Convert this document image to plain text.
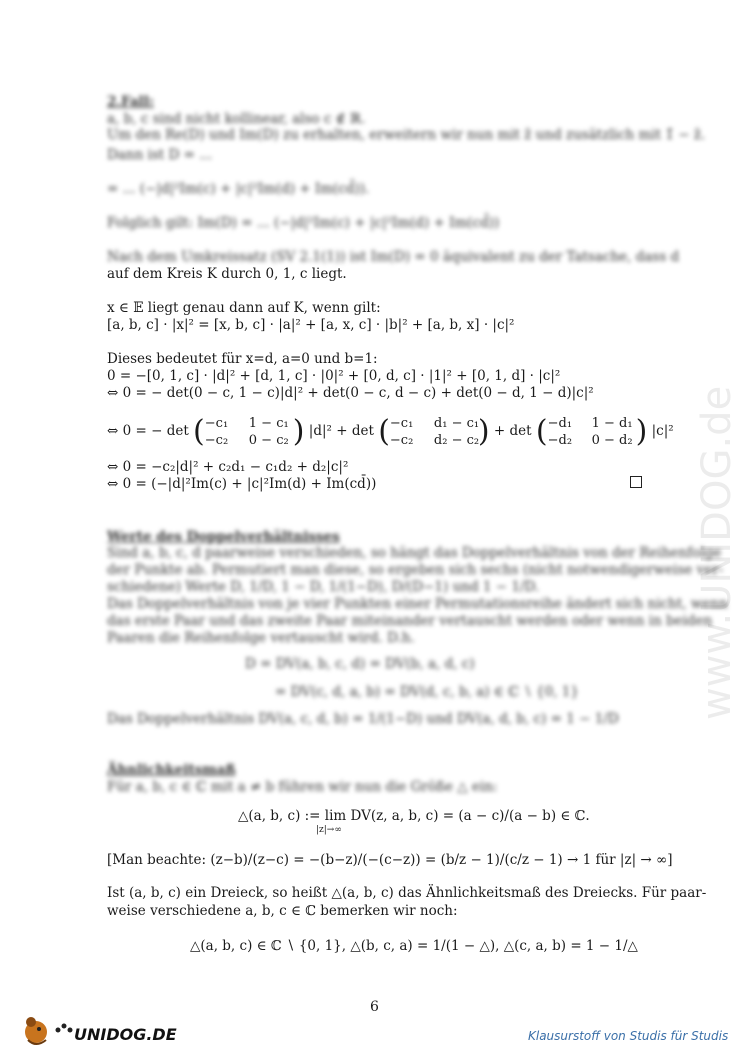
www.UNIDOG.de
2.Fall:
a, b, c sind nicht kollinear, also c ∉ ℝ.
Um den Re(D) und Im(D) zu erhalten, erweitern wir nun mit z̄ und zusätzlich mit 1̄ − z̄.
Dann ist D = ...
= ... (−|d|²Im(c) + |c|²Im(d) + Im(cd̄)).
Folglich gilt: Im(D) = ... (−|d|²Im(c) + |c|²Im(d) + Im(cd̄))
Nach dem Umkreissatz (SV 2.1(1)) ist Im(D) = 0 äquivalent zu der Tatsache, dass d
auf dem Kreis K durch 0, 1, c liegt.
x ∈ 𝔼 liegt genau dann auf K, wenn gilt:
[a, b, c] · |x|² = [x, b, c] · |a|² + [a, x, c] · |b|² + [a, b, x] · |c|²
Dieses bedeutet für x=d, a=0 und b=1:
0 = −[0, 1, c] · |d|² + [d, 1, c] · |0|² + [0, d, c] · |1|² + [0, 1, d] · |c|²
⇔ 0 = − det(0 − c, 1 − c)|d|² + det(0 − c, d − c) + det(0 − d, 1 − d)|c|²
⇔ 0 = − det (−c₁ 1 − c₁
−c₂ 0 − c₂ ) |d|² + det (−c₁ d₁ − c₁
−c₂ d₂ − c₂) + det (−d₁ 1 − d₁
−d₂ 0 − d₂ ) |c|²
⇔ 0 = −c₂|d|² + c₂d₁ − c₁d₂ + d₂|c|²
⇔ 0 = (−|d|²Im(c) + |c|²Im(d) + Im(cd̄))
Werte des Doppelverhältnisses
Sind a, b, c, d paarweise verschieden, so hängt das Doppelverhältnis von der Reihenfolge
der Punkte ab. Permutiert man diese, so ergeben sich sechs (nicht notwendigerweise ver-
schiedene) Werte D, 1/D, 1 − D, 1/(1−D), D/(D−1) und 1 − 1/D.
Das Doppelverhältnis von je vier Punkten einer Permutationsreihe ändert sich nicht, wenn
das erste Paar und das zweite Paar miteinander vertauscht werden oder wenn in beiden
Paaren die Reihenfolge vertauscht wird. D.h.
D = DV(a, b, c, d) = DV(b, a, d, c)
= DV(c, d, a, b) = DV(d, c, b, a) ∈ ℂ ∖ {0, 1}
Das Doppelverhältnis DV(a, c, d, b) = 1/(1−D) und DV(a, d, b, c) = 1 − 1/D
Ähnlichkeitsmaß
Für a, b, c ∈ ℂ mit a ≠ b führen wir nun die Größe △ ein:
△(a, b, c) := lim DV(z, a, b, c) = (a − c)/(a − b) ∈ ℂ.
|z|→∞
[Man beachte: (z−b)/(z−c) = −(b−z)/(−(c−z)) = (b/z − 1)/(c/z − 1) → 1 für |z| → ∞]
Ist (a, b, c) ein Dreieck, so heißt △(a, b, c) das Ähnlichkeitsmaß des Dreiecks. Für paar-
weise verschiedene a, b, c ∈ ℂ bemerken wir noch:
△(a, b, c) ∈ ℂ ∖ {0, 1}, △(b, c, a) = 1/(1 − △), △(c, a, b) = 1 − 1/△
6
UNIDOG.DE	Klausurstoff von Studis für Studis
